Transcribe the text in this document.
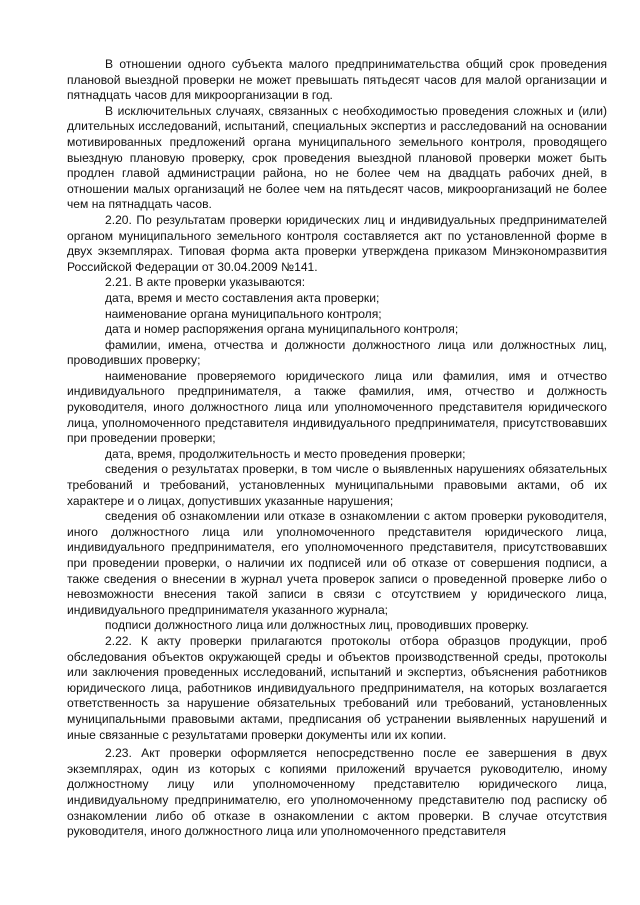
В отношении одного субъекта малого предпринимательства общий срок проведения плановой выездной проверки не может превышать пятьдесят часов для малой организации и пятнадцать часов для микроорганизации в год.

В исключительных случаях, связанных с необходимостью проведения сложных и (или) длительных исследований, испытаний, специальных экспертиз и расследований на основании мотивированных предложений органа муниципального земельного контроля, проводящего выездную плановую проверку, срок проведения выездной плановой проверки может быть продлен главой администрации района, но не более чем на двадцать рабочих дней, в отношении малых организаций не более чем на пятьдесят часов, микроорганизаций не более чем на пятнадцать часов.

2.20. По результатам проверки юридических лиц и индивидуальных предпринимателей органом муниципального земельного контроля составляется акт по установленной форме в двух экземплярах. Типовая форма акта проверки утверждена приказом Минэкономразвития Российской Федерации от 30.04.2009 №141.

2.21. В акте проверки указываются:

дата, время и место составления акта проверки;

наименование органа муниципального контроля;

дата и номер распоряжения органа муниципального контроля;

фамилии, имена, отчества и должности должностного лица или должностных лиц, проводивших проверку;

наименование проверяемого юридического лица или фамилия, имя и отчество индивидуального предпринимателя, а также фамилия, имя, отчество и должность руководителя, иного должностного лица или уполномоченного представителя юридического лица, уполномоченного представителя индивидуального предпринимателя, присутствовавших при проведении проверки;

дата, время, продолжительность и место проведения проверки;

сведения о результатах проверки, в том числе о выявленных нарушениях обязательных требований и требований, установленных муниципальными правовыми актами, об их характере и о лицах, допустивших указанные нарушения;

сведения об ознакомлении или отказе в ознакомлении с актом проверки руководителя, иного должностного лица или уполномоченного представителя юридического лица, индивидуального предпринимателя, его уполномоченного представителя, присутствовавших при проведении проверки, о наличии их подписей или об отказе от совершения подписи, а также сведения о внесении в журнал учета проверок записи о проведенной проверке либо о невозможности внесения такой записи в связи с отсутствием у юридического лица, индивидуального предпринимателя указанного журнала;

подписи должностного лица или должностных лиц, проводивших проверку.

2.22. К акту проверки прилагаются протоколы отбора образцов продукции, проб обследования объектов окружающей среды и объектов производственной среды, протоколы или заключения проведенных исследований, испытаний и экспертиз, объяснения работников юридического лица, работников индивидуального предпринимателя, на которых возлагается ответственность за нарушение обязательных требований или требований, установленных муниципальными правовыми актами, предписания об устранении выявленных нарушений и иные связанные с результатами проверки документы или их копии.

2.23. Акт проверки оформляется непосредственно после ее завершения в двух экземплярах, один из которых с копиями приложений вручается руководителю, иному должностному лицу или уполномоченному представителю юридического лица, индивидуальному предпринимателю, его уполномоченному представителю под расписку об ознакомлении либо об отказе в ознакомлении с актом проверки. В случае отсутствия руководителя, иного должностного лица или уполномоченного представителя
